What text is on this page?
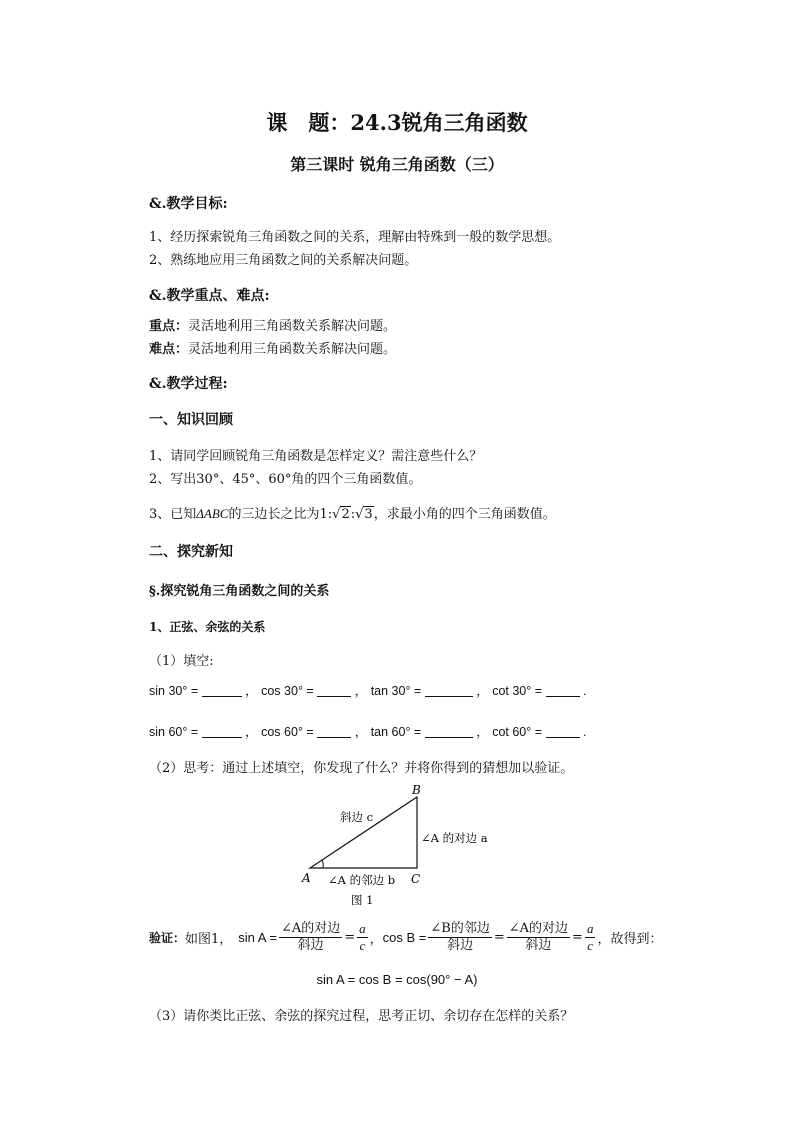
课　题：24.3锐角三角函数
第三课时 锐角三角函数（三）
&.教学目标:
1、经历探索锐角三角函数之间的关系，理解由特殊到一般的数学思想。
2、熟练地应用三角函数之间的关系解决问题。
&.教学重点、难点:
重点：灵活地利用三角函数关系解决问题。
难点：灵活地利用三角函数关系解决问题。
&.教学过程:
一、知识回顾
1、请同学回顾锐角三角函数是怎样定义？需注意些什么？
2、写出30°、45°、60°角的四个三角函数值。
3、已知ΔABC的三边长之比为1:√2:√3，求最小角的四个三角函数值。
二、探究新知
§.探究锐角三角函数之间的关系
1、正弦、余弦的关系
（1）填空:
sin 30° =	， cos 30° =	， tan 30° =	， cot 30° =	.
sin 60° =	， cos 60° =	， tan 60° =	， cot 60° =	.
（2）思考：通过上述填空，你发现了什么？并将你得到的猜想加以验证。
A
B
C
斜边 c
∠A 的对边 a
∠A 的邻边 b
图 1
验证： 如图1， $\sin A = \frac{\text{∠A的对边}}{\text{斜边}} = \frac{a}{c}$ ， $\cos B = \frac{\text{∠B的邻边}}{\text{斜边}} = \frac{\text{∠A的对边}}{\text{斜边}} = \frac{a}{c}$ ，故得到：
sin A = cos B = cos(90° − A)
（3）请你类比正弦、余弦的探究过程，思考正切、余切存在怎样的关系？
